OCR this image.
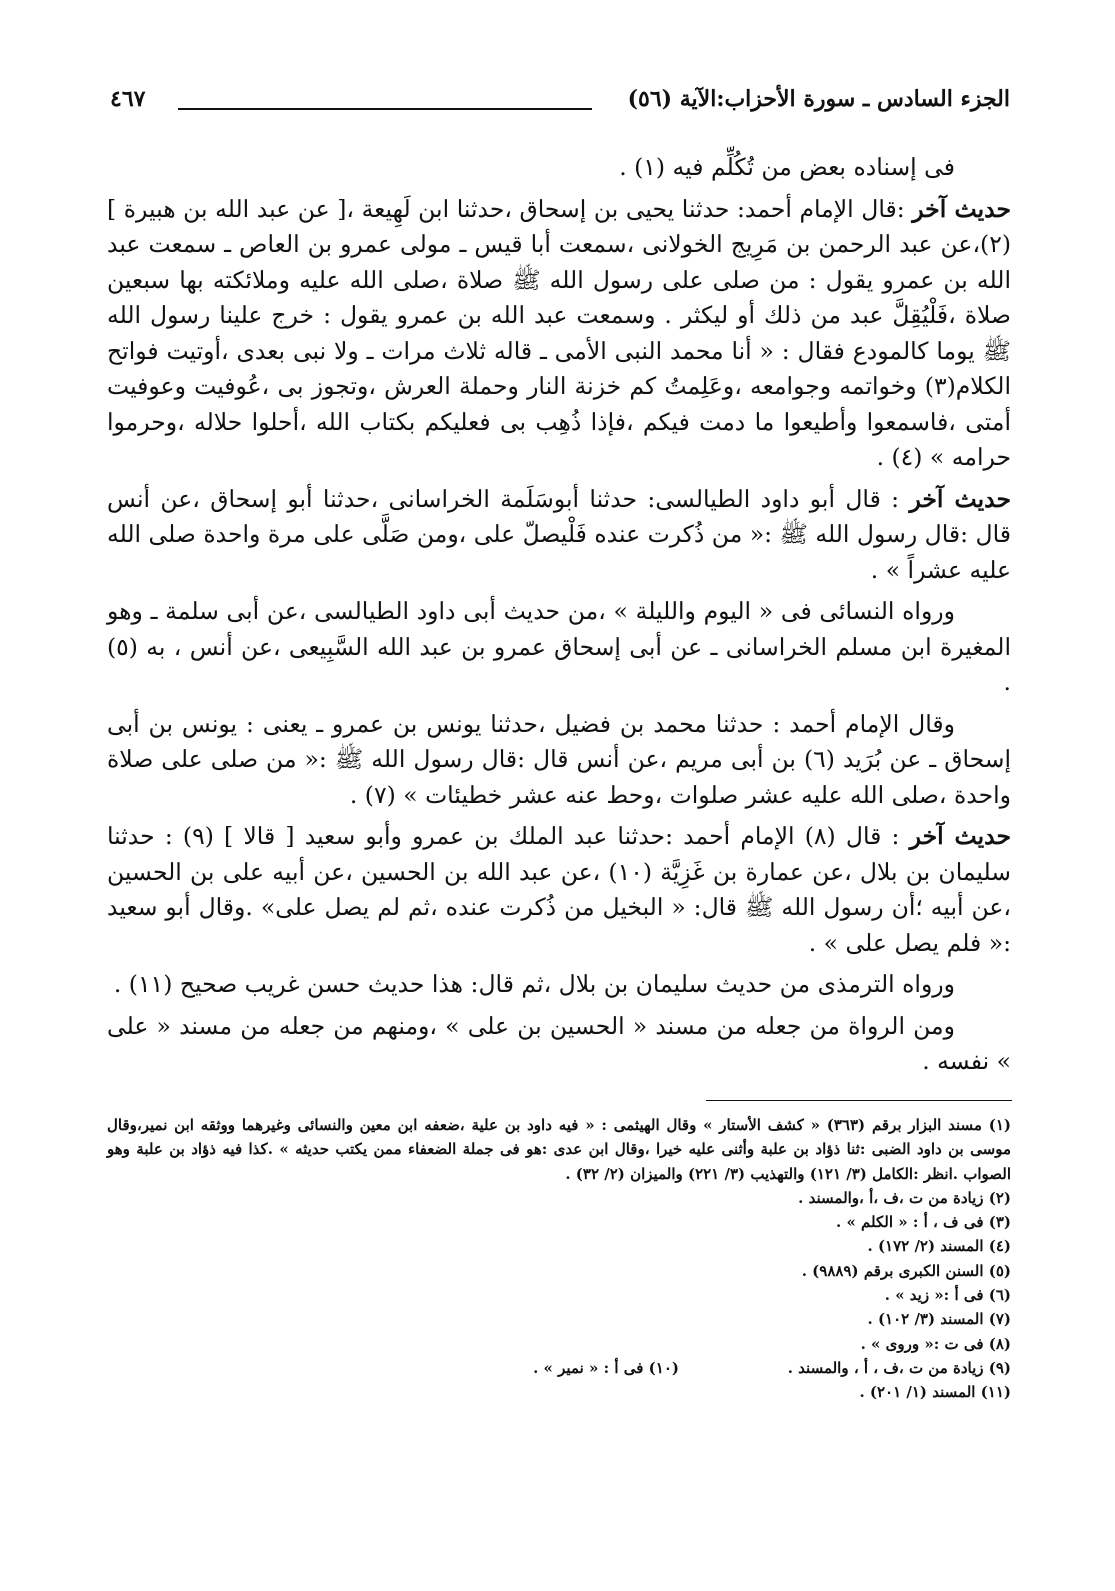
الجزء السادس ـ سورة الأحزاب:الآية (٥٦)
٤٦٧

فى إسناده بعض من تُكُلِّم فيه (١) .

حديث آخر :قال الإمام أحمد: حدثنا يحيى بن إسحاق ،حدثنا ابن لَهِيعة ،[ عن عبد الله بن هبيرة ](٢)،عن عبد الرحمن بن مَرِيج الخولانى ،سمعت أبا قيس ـ مولى عمرو بن العاص ـ سمعت عبد الله بن عمرو يقول : من صلى على رسول الله ﷺ صلاة ،صلى الله عليه وملائكته بها سبعين صلاة ،فَلْيُقِلَّ عبد من ذلك أو ليكثر . وسمعت عبد الله بن عمرو يقول : خرج علينا رسول الله ﷺ يوما كالمودع فقال : « أنا محمد النبى الأمى ـ قاله ثلاث مرات ـ ولا نبى بعدى ،أوتيت فواتح الكلام(٣) وخواتمه وجوامعه ،وعَلِمتُ كم خزنة النار وحملة العرش ،وتجوز بى ،عُوفيت وعوفيت أمتى ،فاسمعوا وأطيعوا ما دمت فيكم ،فإذا ذُهِب بى فعليكم بكتاب الله ،أحلوا حلاله ،وحرموا حرامه » (٤) .

حديث آخر : قال أبو داود الطيالسى: حدثنا أبوسَلَمة الخراسانى ،حدثنا أبو إسحاق ،عن أنس قال :قال رسول الله ﷺ :« من ذُكرت عنده فَلْيصلّ على ،ومن صَلَّى على مرة واحدة صلى الله عليه عشراً » .

ورواه النسائى فى « اليوم والليلة » ،من حديث أبى داود الطيالسى ،عن أبى سلمة ـ وهو المغيرة ابن مسلم الخراسانى ـ عن أبى إسحاق عمرو بن عبد الله السَّبِيعى ،عن أنس ، به (٥) .

وقال الإمام أحمد : حدثنا محمد بن فضيل ،حدثنا يونس بن عمرو ـ يعنى : يونس بن أبى إسحاق ـ عن بُرَيد (٦) بن أبى مريم ،عن أنس قال :قال رسول الله ﷺ :« من صلى على صلاة واحدة ،صلى الله عليه عشر صلوات ،وحط عنه عشر خطيئات » (٧) .

حديث آخر : قال (٨) الإمام أحمد :حدثنا عبد الملك بن عمرو وأبو سعيد [ قالا ] (٩) : حدثنا سليمان بن بلال ،عن عمارة بن غَزِيَّة (١٠) ،عن عبد الله بن الحسين ،عن أبيه على بن الحسين ،عن أبيه ؛أن رسول الله ﷺ قال: « البخيل من ذُكرت عنده ،ثم لم يصل على» .وقال أبو سعيد :« فلم يصل على » .

ورواه الترمذى من حديث سليمان بن بلال ،ثم قال: هذا حديث حسن غريب صحيح (١١) .

ومن الرواة من جعله من مسند « الحسين بن على » ،ومنهم من جعله من مسند « على » نفسه .

(١) مسند البزار برقم (٣٦٣) « كشف الأستار » وقال الهيثمى : « فيه داود بن علية ،ضعفه ابن معين والنسائى وغيرهما ووثقه ابن نمير،وقال موسى بن داود الضبى :ثنا ذؤاد بن علبة وأثنى عليه خيرا ،وقال ابن عدى :هو فى جملة الضعفاء ممن يكتب حديثه » .كذا فيه ذؤاد بن علبة وهو الصواب .انظر :الكامل (٣/ ١٢١) والتهذيب (٣/ ٢٢١) والميزان (٢/ ٣٢) .

(٢) زيادة من ت ،ف ،أ ،والمسند .

(٣) فى ف ، أ : « الكلم » .

(٤) المسند (٢/ ١٧٢) .

(٥) السنن الكبرى برقم (٩٨٨٩) .

(٦) فى أ :« زيد » .

(٧) المسند (٣/ ١٠٢) .

(٨) فى ت :« وروى » .

(٩) زيادة من ت ،ف ، أ ، والمسند .
(١٠) فى أ : « نمير » .

(١١) المسند (١/ ٢٠١) .
